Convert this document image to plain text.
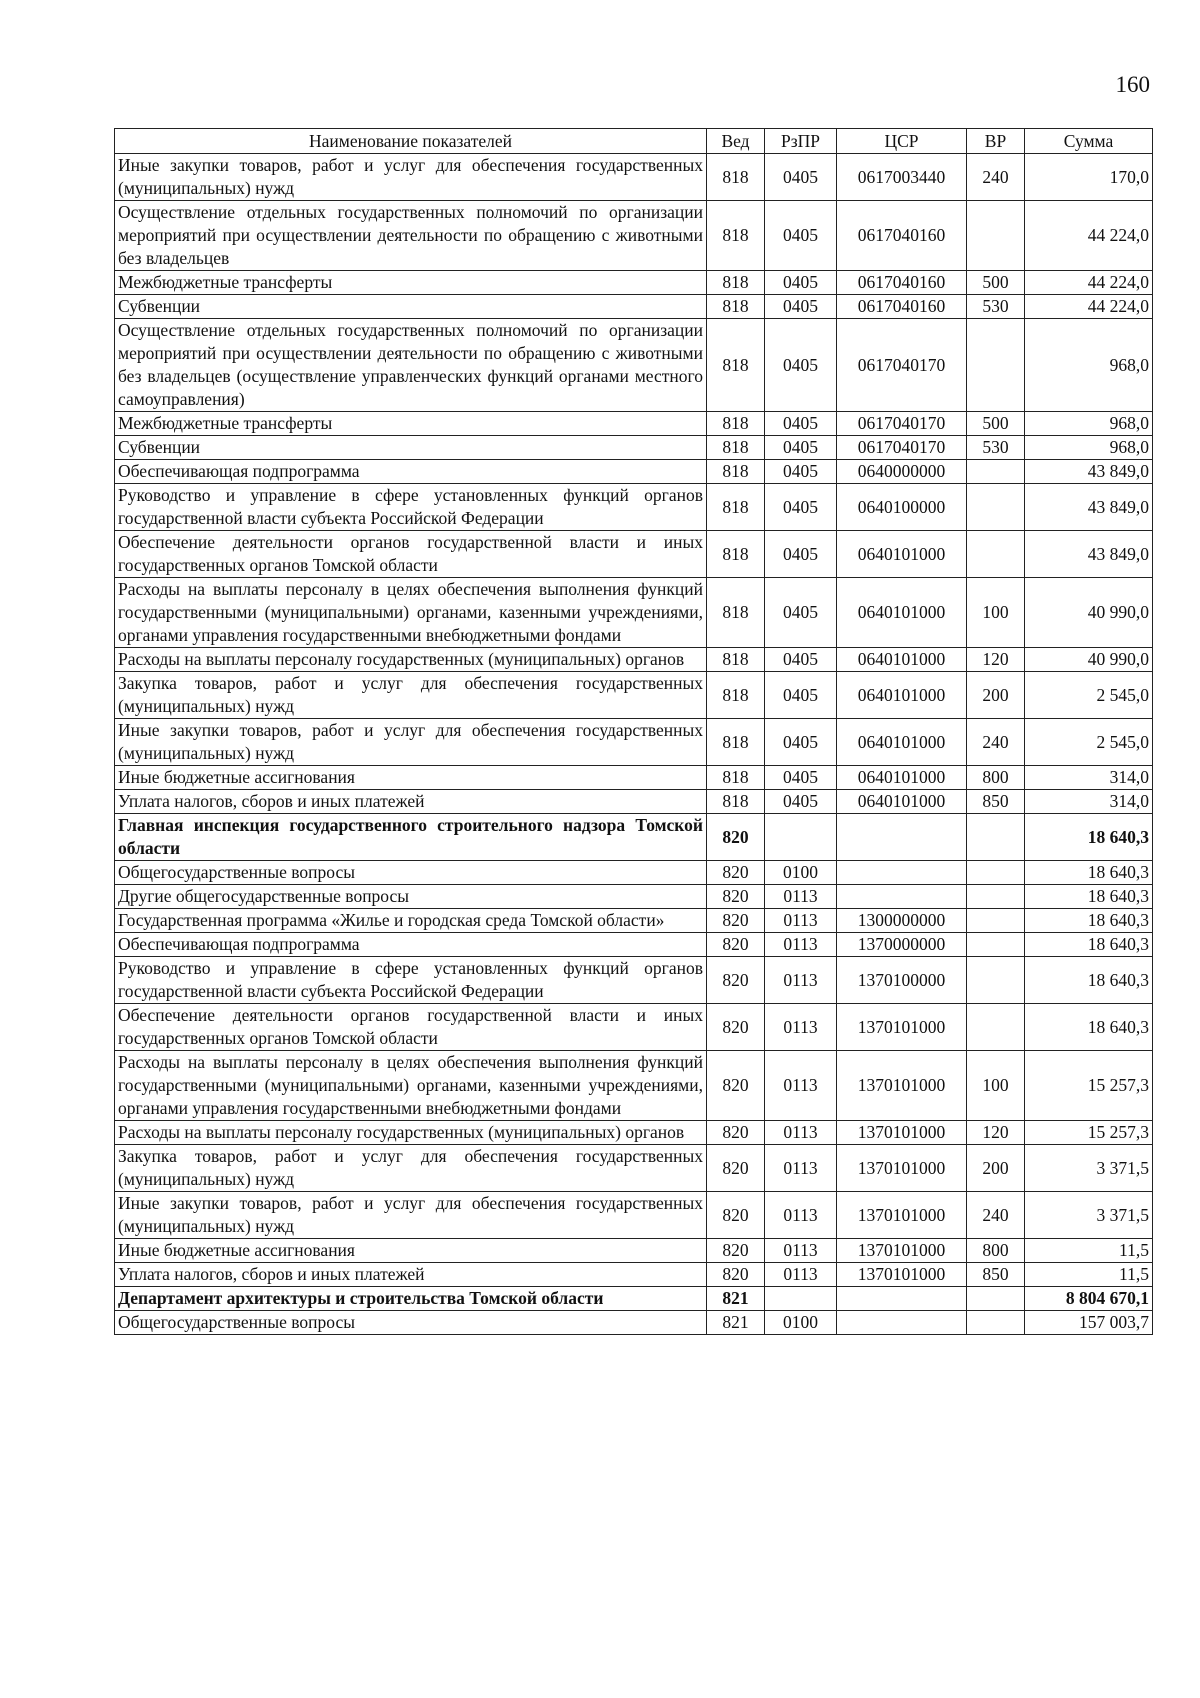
160
Наименование показателей	Вед	РзПР	ЦСР	ВР	Сумма
Иные закупки товаров, работ и услуг для обеспечения государственных (муниципальных) нужд	818	0405	0617003440	240	170,0
Осуществление отдельных государственных полномочий по организации мероприятий при осуществлении деятельности по обращению с животными без владельцев	818	0405	0617040160		44 224,0
Межбюджетные трансферты	818	0405	0617040160	500	44 224,0
Субвенции	818	0405	0617040160	530	44 224,0
Осуществление отдельных государственных полномочий по организации мероприятий при осуществлении деятельности по обращению с животными без владельцев (осуществление управленческих функций органами местного самоуправления)	818	0405	0617040170		968,0
Межбюджетные трансферты	818	0405	0617040170	500	968,0
Субвенции	818	0405	0617040170	530	968,0
Обеспечивающая подпрограмма	818	0405	0640000000		43 849,0
Руководство и управление в сфере установленных функций органов государственной власти субъекта Российской Федерации	818	0405	0640100000		43 849,0
Обеспечение деятельности органов государственной власти и иных государственных органов Томской области	818	0405	0640101000		43 849,0
Расходы на выплаты персоналу в целях обеспечения выполнения функций государственными (муниципальными) органами, казенными учреждениями, органами управления государственными внебюджетными фондами	818	0405	0640101000	100	40 990,0
Расходы на выплаты персоналу государственных (муниципальных) органов	818	0405	0640101000	120	40 990,0
Закупка товаров, работ и услуг для обеспечения государственных (муниципальных) нужд	818	0405	0640101000	200	2 545,0
Иные закупки товаров, работ и услуг для обеспечения государственных (муниципальных) нужд	818	0405	0640101000	240	2 545,0
Иные бюджетные ассигнования	818	0405	0640101000	800	314,0
Уплата налогов, сборов и иных платежей	818	0405	0640101000	850	314,0
Главная инспекция государственного строительного надзора Томской области	820				18 640,3
Общегосударственные вопросы	820	0100			18 640,3
Другие общегосударственные вопросы	820	0113			18 640,3
Государственная программа «Жилье и городская среда Томской области»	820	0113	1300000000		18 640,3
Обеспечивающая подпрограмма	820	0113	1370000000		18 640,3
Руководство и управление в сфере установленных функций органов государственной власти субъекта Российской Федерации	820	0113	1370100000		18 640,3
Обеспечение деятельности органов государственной власти и иных государственных органов Томской области	820	0113	1370101000		18 640,3
Расходы на выплаты персоналу в целях обеспечения выполнения функций государственными (муниципальными) органами, казенными учреждениями, органами управления государственными внебюджетными фондами	820	0113	1370101000	100	15 257,3
Расходы на выплаты персоналу государственных (муниципальных) органов	820	0113	1370101000	120	15 257,3
Закупка товаров, работ и услуг для обеспечения государственных (муниципальных) нужд	820	0113	1370101000	200	3 371,5
Иные закупки товаров, работ и услуг для обеспечения государственных (муниципальных) нужд	820	0113	1370101000	240	3 371,5
Иные бюджетные ассигнования	820	0113	1370101000	800	11,5
Уплата налогов, сборов и иных платежей	820	0113	1370101000	850	11,5
Департамент архитектуры и строительства Томской области	821				8 804 670,1
Общегосударственные вопросы	821	0100			157 003,7
